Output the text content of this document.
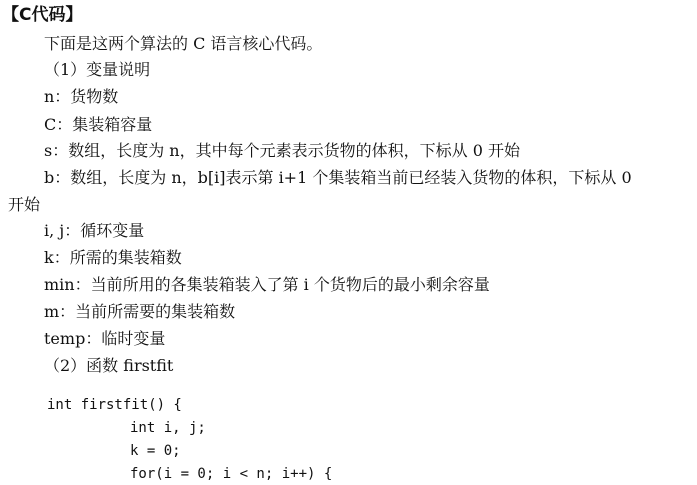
【C代码】
下面是这两个算法的 C 语言核心代码。
（1）变量说明
n：货物数
C：集装箱容量
s：数组，长度为 n，其中每个元素表示货物的体积，下标从 0 开始
b：数组，长度为 n，b[i]表示第 i+1 个集装箱当前已经装入货物的体积，下标从 0
开始
i, j：循环变量
k：所需的集装箱数
min：当前所用的各集装箱装入了第 i 个货物后的最小剩余容量
m：当前所需要的集装箱数
temp：临时变量
（2）函数 firstfit
int firstfit() {
int i, j;
k = 0;
for(i = 0; i < n; i++) {
